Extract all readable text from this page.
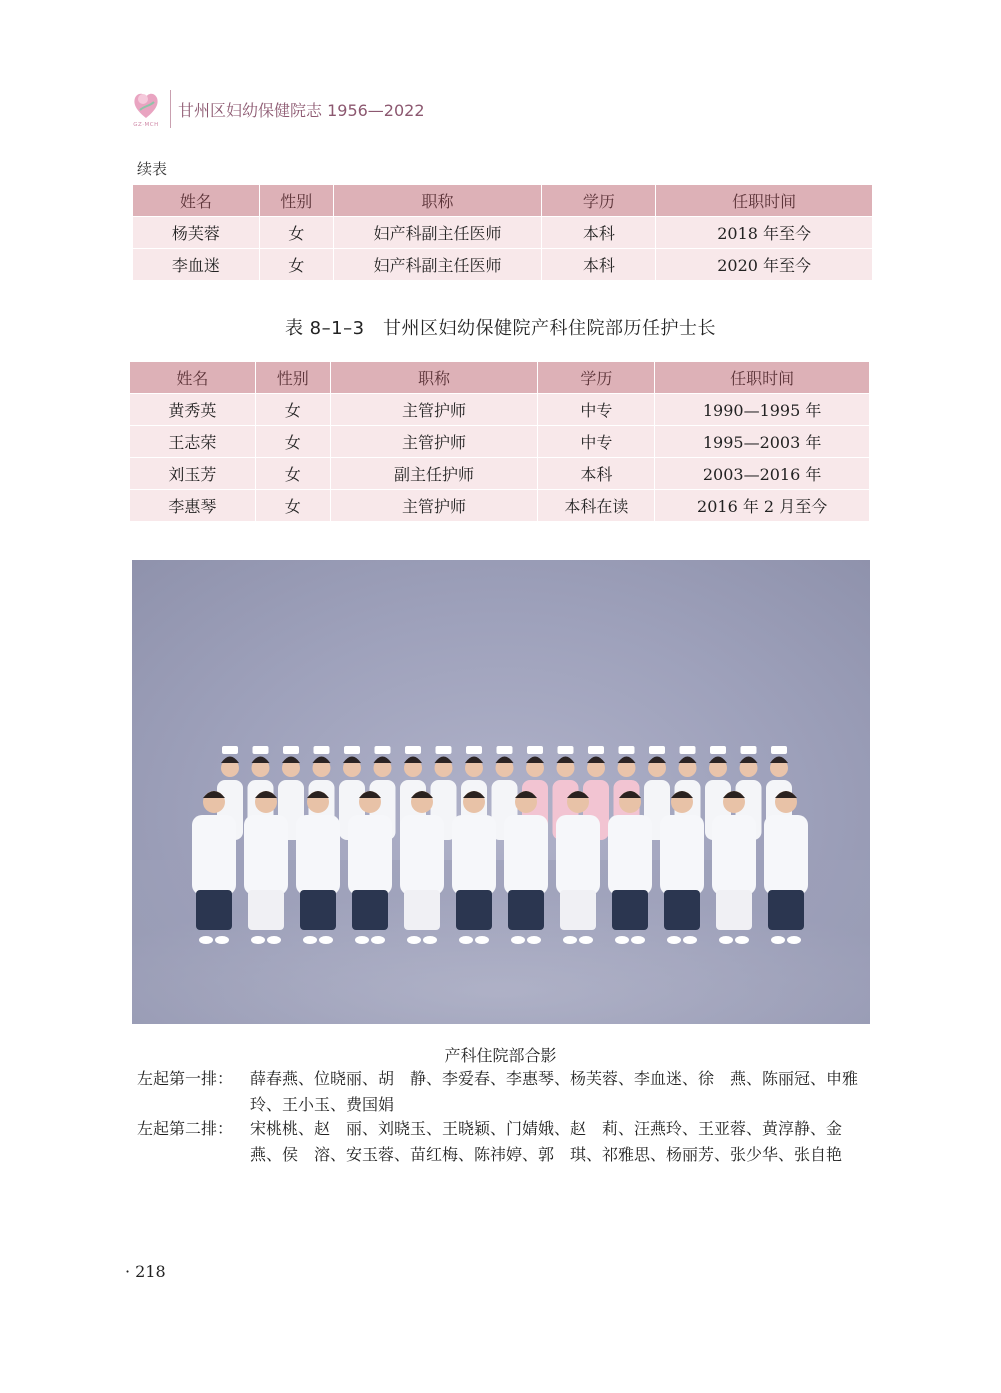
GZ·MCH
甘州区妇幼保健院志 1956—2022
续表
姓名	性别	职称	学历	任职时间
杨芙蓉	女	妇产科副主任医师	本科	2018 年至今
李血迷	女	妇产科副主任医师	本科	2020 年至今
表 8–1–3　甘州区妇幼保健院产科住院部历任护士长
姓名	性别	职称	学历	任职时间
黄秀英	女	主管护师	中专	1990—1995 年
王志荣	女	主管护师	中专	1995—2003 年
刘玉芳	女	副主任护师	本科	2003—2016 年
李惠琴	女	主管护师	本科在读	2016 年 2 月至今
产科住院部合影
左起第一排： 薛春燕、位晓丽、胡　静、李爱春、李惠琴、杨芙蓉、李血迷、徐　燕、陈丽冠、申雅玲、王小玉、费国娟
左起第二排： 宋桃桃、赵　丽、刘晓玉、王晓颖、门婧娥、赵　莉、汪燕玲、王亚蓉、黄淳静、金　燕、侯　溶、安玉蓉、苗红梅、陈祎婷、郭　琪、祁雅思、杨丽芳、张少华、张自艳
· 218
